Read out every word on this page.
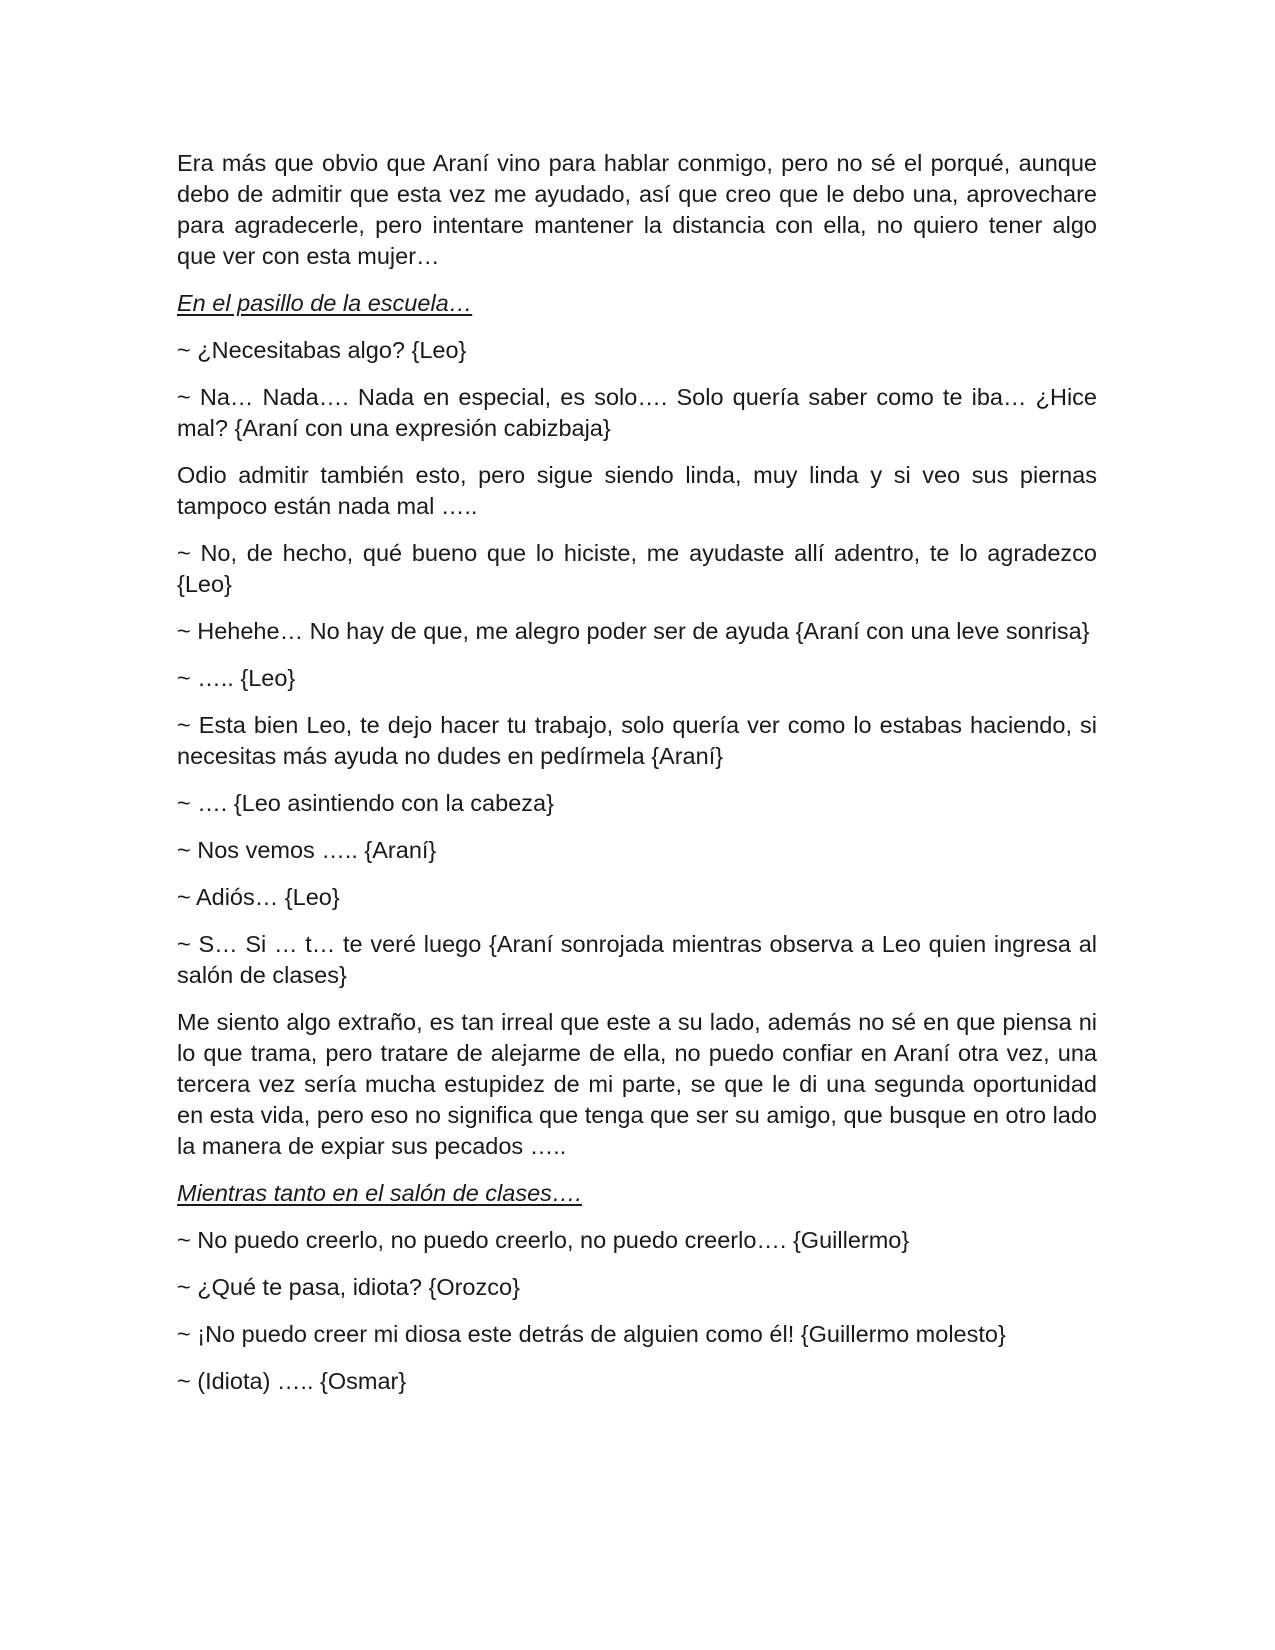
Era más que obvio que Araní vino para hablar conmigo, pero no sé el porqué, aunque debo de admitir que esta vez me ayudado, así que creo que le debo una, aprovechare para agradecerle, pero intentare mantener la distancia con ella, no quiero tener algo que ver con esta mujer…

En el pasillo de la escuela…

~ ¿Necesitabas algo? {Leo}

~ Na… Nada…. Nada en especial, es solo…. Solo quería saber como te iba… ¿Hice mal? {Araní con una expresión cabizbaja}

Odio admitir también esto, pero sigue siendo linda, muy linda y si veo sus piernas tampoco están nada mal …..

~ No, de hecho, qué bueno que lo hiciste, me ayudaste allí adentro, te lo agradezco {Leo}

~ Hehehe… No hay de que, me alegro poder ser de ayuda {Araní con una leve sonrisa}

~ ….. {Leo}

~ Esta bien Leo, te dejo hacer tu trabajo, solo quería ver como lo estabas haciendo, si necesitas más ayuda no dudes en pedírmela {Araní}

~ …. {Leo asintiendo con la cabeza}

~ Nos vemos ….. {Araní}

~ Adiós… {Leo}

~ S… Si … t… te veré luego {Araní sonrojada mientras observa a Leo quien ingresa al salón de clases}

Me siento algo extraño, es tan irreal que este a su lado, además no sé en que piensa ni lo que trama, pero tratare de alejarme de ella, no puedo confiar en Araní otra vez, una tercera vez sería mucha estupidez de mi parte, se que le di una segunda oportunidad en esta vida, pero eso no significa que tenga que ser su amigo, que busque en otro lado la manera de expiar sus pecados …..

Mientras tanto en el salón de clases….

~ No puedo creerlo, no puedo creerlo, no puedo creerlo…. {Guillermo}

~ ¿Qué te pasa, idiota? {Orozco}

~ ¡No puedo creer mi diosa este detrás de alguien como él! {Guillermo molesto}

~ (Idiota) ….. {Osmar}
